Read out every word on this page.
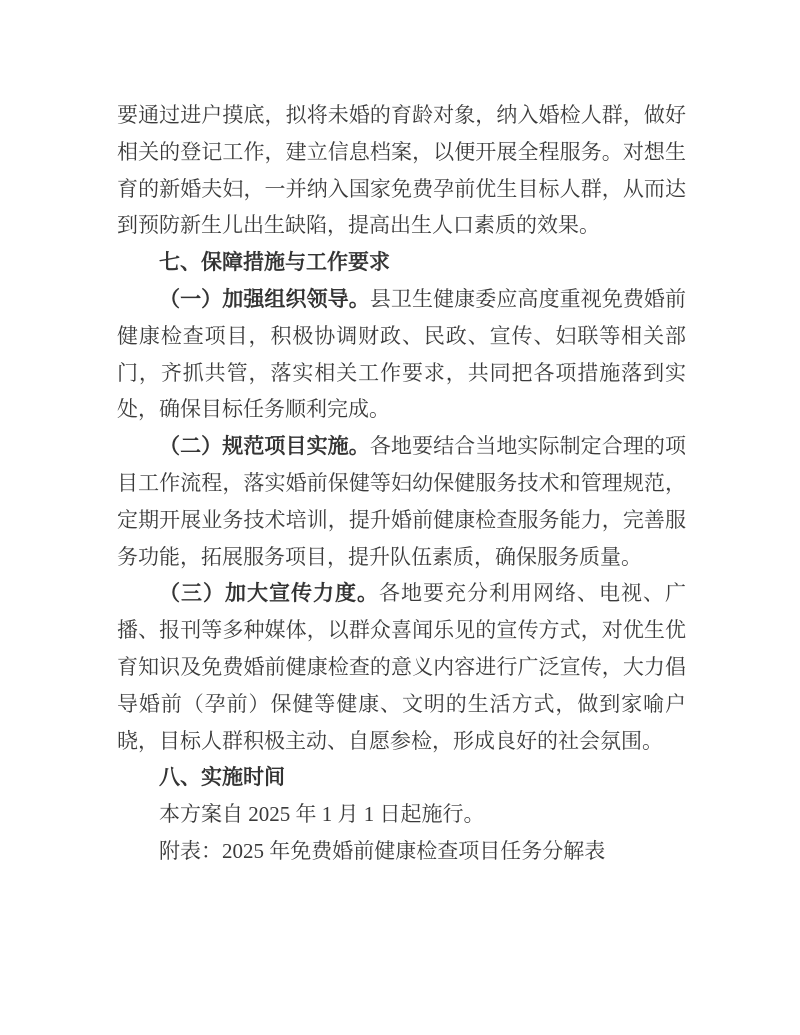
要通过进户摸底，拟将未婚的育龄对象，纳入婚检人群，做好相关的登记工作，建立信息档案，以便开展全程服务。对想生育的新婚夫妇，一并纳入国家免费孕前优生目标人群，从而达到预防新生儿出生缺陷，提高出生人口素质的效果。

七、保障措施与工作要求

（一）加强组织领导。县卫生健康委应高度重视免费婚前健康检查项目，积极协调财政、民政、宣传、妇联等相关部门，齐抓共管，落实相关工作要求，共同把各项措施落到实处，确保目标任务顺利完成。

（二）规范项目实施。各地要结合当地实际制定合理的项目工作流程，落实婚前保健等妇幼保健服务技术和管理规范，定期开展业务技术培训，提升婚前健康检查服务能力，完善服务功能，拓展服务项目，提升队伍素质，确保服务质量。

（三）加大宣传力度。各地要充分利用网络、电视、广播、报刊等多种媒体，以群众喜闻乐见的宣传方式，对优生优育知识及免费婚前健康检查的意义内容进行广泛宣传，大力倡导婚前（孕前）保健等健康、文明的生活方式，做到家喻户晓，目标人群积极主动、自愿参检，形成良好的社会氛围。

八、实施时间

本方案自 2025 年 1 月 1 日起施行。

附表：2025 年免费婚前健康检查项目任务分解表
